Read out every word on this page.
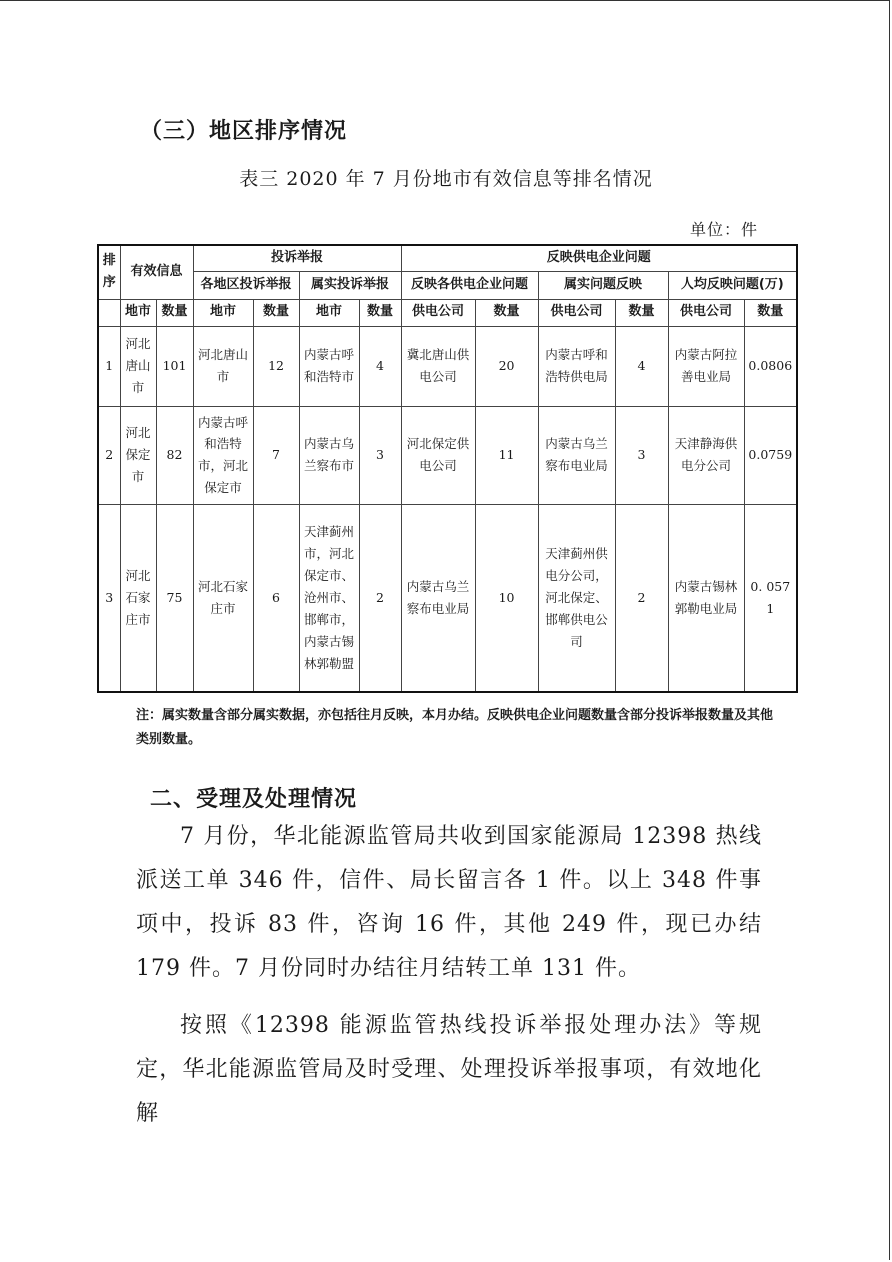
（三）地区排序情况
表三 2020 年 7 月份地市有效信息等排名情况
单位：件
排序	有效信息		投诉举报				反映供电企业问题					
			各地区投诉举报		属实投诉举报		反映各供电企业问题		属实问题反映		人均反映问题(万)	
	地市	数量	地市	数量	地市	数量	供电公司	数量	供电公司	数量	供电公司	数量
1	河北唐山市	101	河北唐山市	12	内蒙古呼和浩特市	4	冀北唐山供电公司	20	内蒙古呼和浩特供电局	4	内蒙古阿拉善电业局	0.0806
2	河北保定市	82	内蒙古呼和浩特市，河北保定市	7	内蒙古乌兰察布市	3	河北保定供电公司	11	内蒙古乌兰察布电业局	3	天津静海供电分公司	0.0759
3	河北石家庄市	75	河北石家庄市	6	天津蓟州市，河北保定市、沧州市、邯郸市，内蒙古锡林郭勒盟	2	内蒙古乌兰察布电业局	10	天津蓟州供电分公司，河北保定、邯郸供电公司	2	内蒙古锡林郭勒电业局	0. 0571
注：属实数量含部分属实数据，亦包括往月反映，本月办结。反映供电企业问题数量含部分投诉举报数量及其他类别数量。
二、受理及处理情况
7 月份，华北能源监管局共收到国家能源局 12398 热线派送工单 346 件，信件、局长留言各 1 件。以上 348 件事项中，投诉 83 件，咨询 16 件，其他 249 件，现已办结 179 件。7 月份同时办结往月结转工单 131 件。
按照《12398 能源监管热线投诉举报处理办法》等规定，华北能源监管局及时受理、处理投诉举报事项，有效地化解
